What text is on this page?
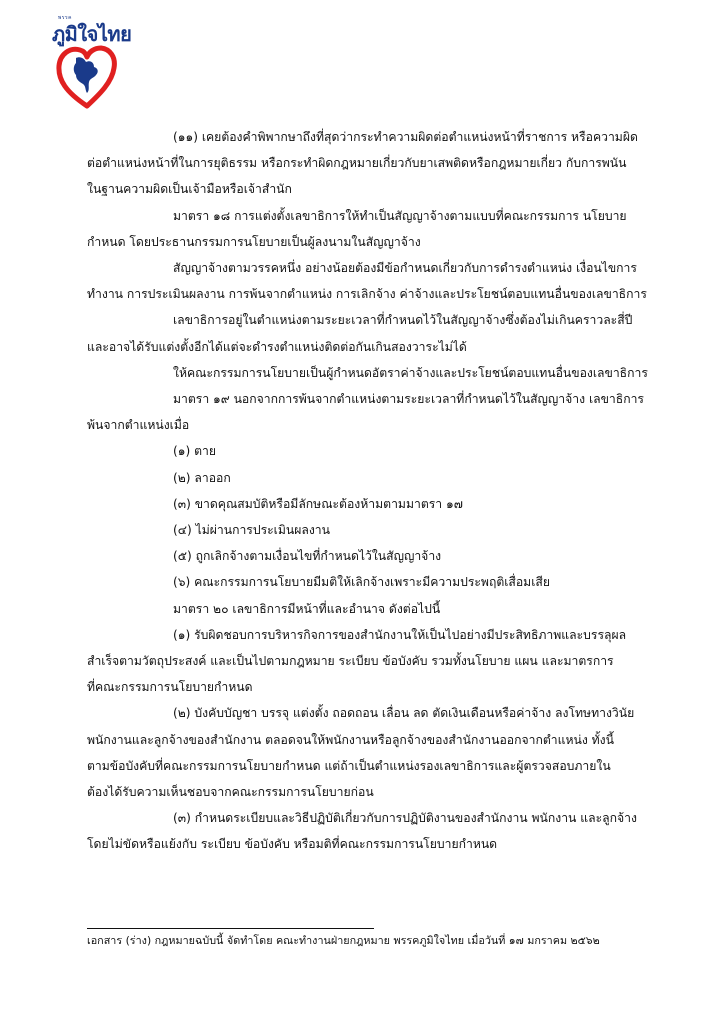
พรรค
ภูมิใจไทย

(๑๑) เคยต้องคำพิพากษาถึงที่สุดว่ากระทำความผิดต่อตำแหน่งหน้าที่ราชการ หรือความผิด

ต่อตำแหน่งหน้าที่ในการยุติธรรม หรือกระทำผิดกฎหมายเกี่ยวกับยาเสพติดหรือกฎหมายเกี่ยว กับการพนัน

ในฐานความผิดเป็นเจ้ามือหรือเจ้าสำนัก

มาตรา ๑๘ การแต่งตั้งเลขาธิการให้ทำเป็นสัญญาจ้างตามแบบที่คณะกรรมการ นโยบาย

กำหนด โดยประธานกรรมการนโยบายเป็นผู้ลงนามในสัญญาจ้าง

สัญญาจ้างตามวรรคหนึ่ง อย่างน้อยต้องมีข้อกำหนดเกี่ยวกับการดำรงตำแหน่ง เงื่อนไขการ

ทำงาน การประเมินผลงาน การพ้นจากตำแหน่ง การเลิกจ้าง ค่าจ้างและประโยชน์ตอบแทนอื่นของเลขาธิการ

เลขาธิการอยู่ในตำแหน่งตามระยะเวลาที่กำหนดไว้ในสัญญาจ้างซึ่งต้องไม่เกินคราวละสี่ปี

และอาจได้รับแต่งตั้งอีกได้แต่จะดำรงตำแหน่งติดต่อกันเกินสองวาระไม่ได้

ให้คณะกรรมการนโยบายเป็นผู้กำหนดอัตราค่าจ้างและประโยชน์ตอบแทนอื่นของเลขาธิการ

มาตรา ๑๙ นอกจากการพ้นจากตำแหน่งตามระยะเวลาที่กำหนดไว้ในสัญญาจ้าง เลขาธิการ

พ้นจากตำแหน่งเมื่อ

(๑) ตาย

(๒) ลาออก

(๓) ขาดคุณสมบัติหรือมีลักษณะต้องห้ามตามมาตรา ๑๗

(๔) ไม่ผ่านการประเมินผลงาน

(๕) ถูกเลิกจ้างตามเงื่อนไขที่กำหนดไว้ในสัญญาจ้าง

(๖) คณะกรรมการนโยบายมีมติให้เลิกจ้างเพราะมีความประพฤติเสื่อมเสีย

มาตรา ๒๐ เลขาธิการมีหน้าที่และอำนาจ ดังต่อไปนี้

(๑) รับผิดชอบการบริหารกิจการของสำนักงานให้เป็นไปอย่างมีประสิทธิภาพและบรรลุผล

สำเร็จตามวัตถุประสงค์ และเป็นไปตามกฎหมาย ระเบียบ ข้อบังคับ รวมทั้งนโยบาย แผน และมาตรการ

ที่คณะกรรมการนโยบายกำหนด

(๒) บังคับบัญชา บรรจุ แต่งตั้ง ถอดถอน เลื่อน ลด ตัดเงินเดือนหรือค่าจ้าง ลงโทษทางวินัย

พนักงานและลูกจ้างของสำนักงาน ตลอดจนให้พนักงานหรือลูกจ้างของสำนักงานออกจากตำแหน่ง ทั้งนี้

ตามข้อบังคับที่คณะกรรมการนโยบายกำหนด แต่ถ้าเป็นตำแหน่งรองเลขาธิการและผู้ตรวจสอบภายใน

ต้องได้รับความเห็นชอบจากคณะกรรมการนโยบายก่อน

(๓) กำหนดระเบียบและวิธีปฏิบัติเกี่ยวกับการปฏิบัติงานของสำนักงาน พนักงาน และลูกจ้าง

โดยไม่ขัดหรือแย้งกับ ระเบียบ ข้อบังคับ หรือมติที่คณะกรรมการนโยบายกำหนด

เอกสาร (ร่าง) กฎหมายฉบับนี้ จัดทำโดย คณะทำงานฝ่ายกฎหมาย พรรคภูมิใจไทย เมื่อวันที่ ๑๗ มกราคม ๒๕๖๒
